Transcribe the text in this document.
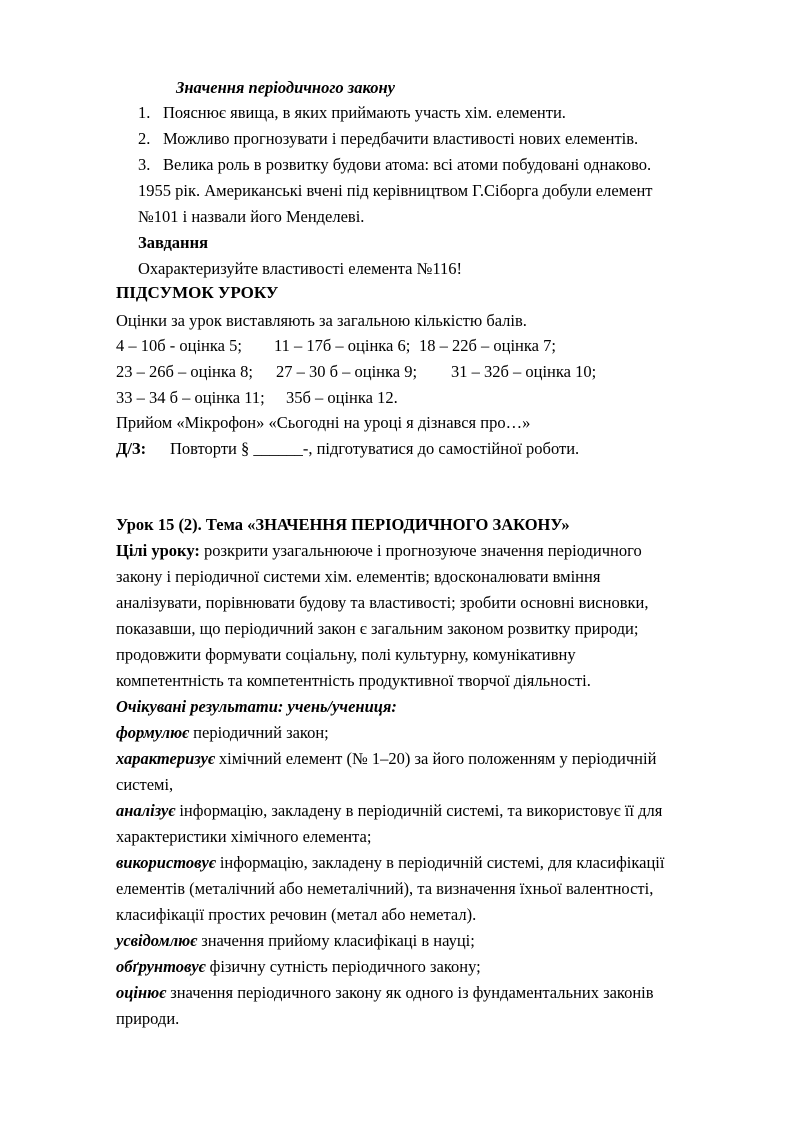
Значення періодичного закону
1. Пояснює явища, в яких приймають участь хім. елементи.
2. Можливо прогнозувати і передбачити властивості нових елементів.
3. Велика роль в розвитку будови атома: всі атоми побудовані однаково.
1955 рік. Американські вчені під керівництвом Г.Сіборга добули елемент
№101 і назвали його Менделеві.
Завдання
Охарактеризуйте властивості елемента №116!
ПІДСУМОК УРОКУ
Оцінки за урок виставляють за загальною кількістю балів.
4 – 10б - оцінка 5; 11 – 17б – оцінка 6; 18 – 22б – оцінка 7;
23 – 26б – оцінка 8; 27 – 30 б – оцінка 9; 31 – 32б – оцінка 10;
33 – 34 б – оцінка 11; 35б – оцінка 12.
Прийом «Мікрофон» «Сьогодні на уроці я дізнався про…»
Д/З: Повторти § ______-, підготуватися до самостійної роботи.
Урок 15 (2). Тема «ЗНАЧЕННЯ ПЕРІОДИЧНОГО ЗАКОНУ»
Цілі уроку: розкрити узагальнююче і прогнозуюче значення періодичного
закону і періодичної системи хім. елементів; вдосконалювати вміння
аналізувати, порівнювати будову та властивості; зробити основні висновки,
показавши, що періодичний закон є загальним законом розвитку природи;
продовжити формувати соціальну, полі культурну, комунікативну
компетентність та компетентність продуктивної творчої діяльності.
Очікувані результати: учень/учениця:
формулює періодичний закон;
характеризує хімічний елемент (№ 1–20) за його положенням у періодичній
системі,
аналізує інформацію, закладену в періодичній системі, та використовує її для
характеристики хімічного елемента;
використовує інформацію, закладену в періодичній системі, для класифікації
елементів (металічний або неметалічний), та визначення їхньої валентності,
класифікації простих речовин (метал або неметал).
усвідомлює значення прийому класифікаці в науці;
обґрунтовує фізичну сутність періодичного закону;
оцінює значення періодичного закону як одного із фундаментальних законів
природи.
